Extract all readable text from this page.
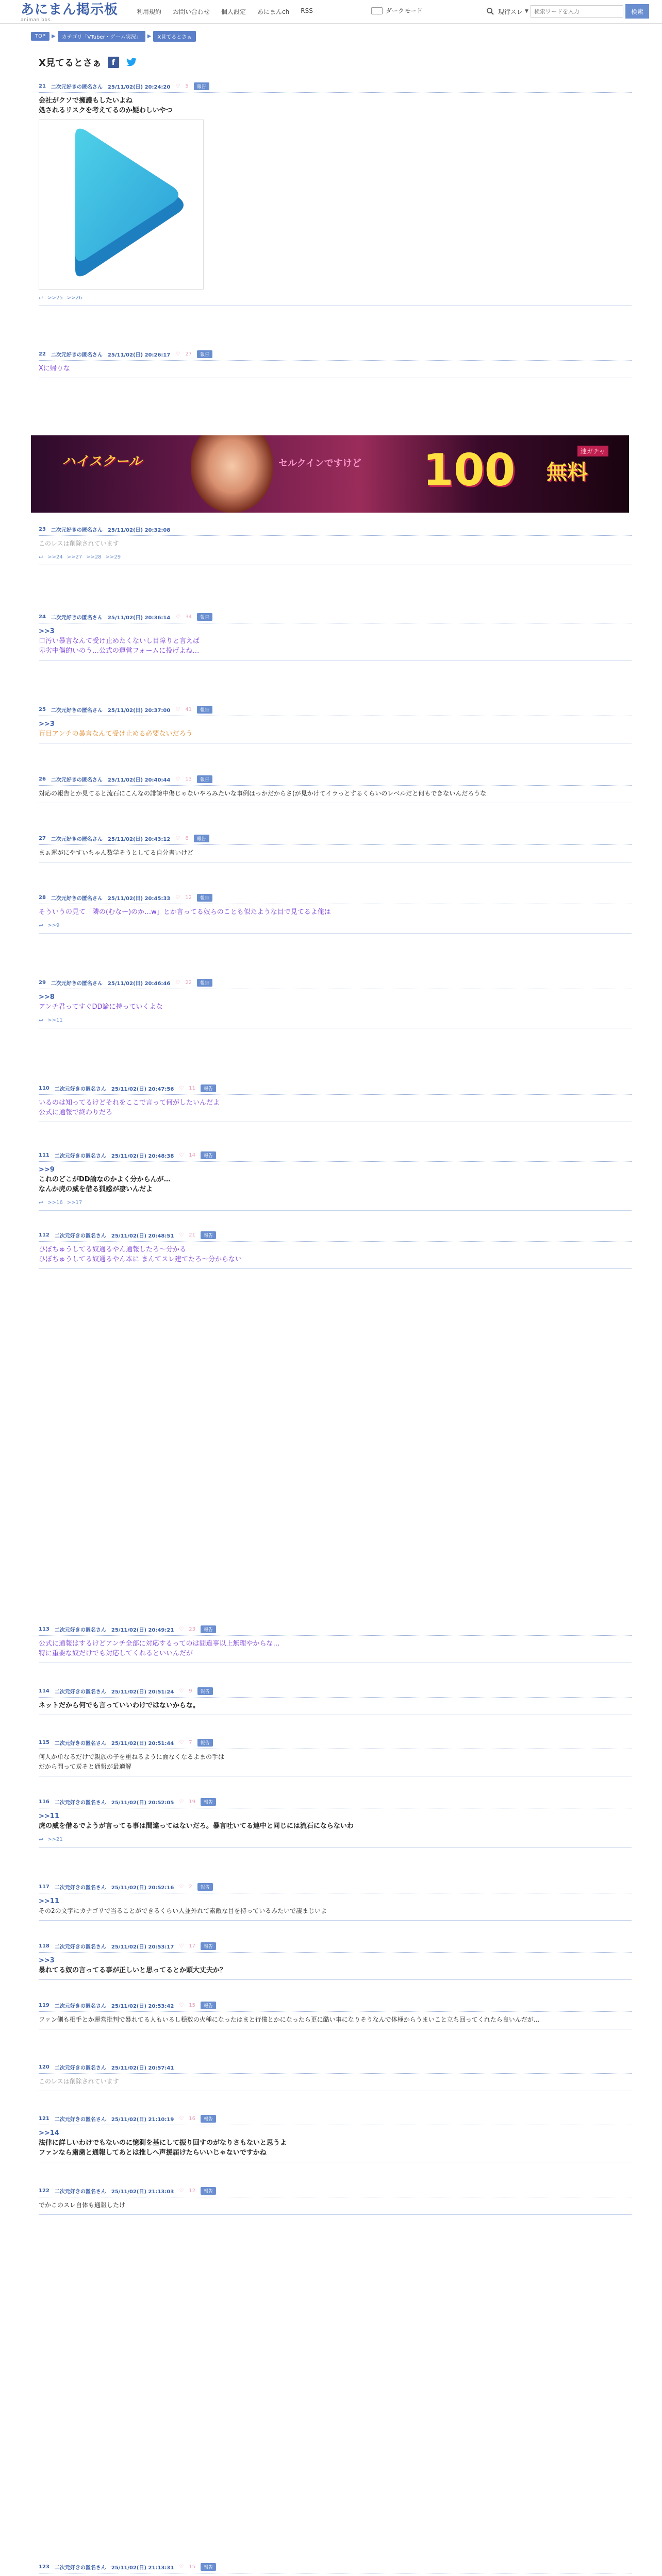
あにまん掲示板
animan bbs.
利用規約 お問い合わせ 個人設定 あにまんch RSS	ダークモード	現行スレ ▼
検索ワードを入力	検索
TOP	▶	カテゴリ「VTuber・ゲーム実況」	▶	X見てるとさぁ
X見てるとさぁ	f
21 二次元好きの匿名さん 25/11/02(日) 20:24:20 ♡ 5	報告
会社がクソで擁護もしたいよね
処されるリスクを考えてるのか疑わしいやつ
↩ >>25 >>26
22 二次元好きの匿名さん 25/11/02(日) 20:26:17 ♡ 27	報告
Xに帰りな
23 二次元好きの匿名さん 25/11/02(日) 20:32:08
このレスは削除されています
↩ >>24 >>27 >>28 >>29
24 二次元好きの匿名さん 25/11/02(日) 20:36:14 ♡ 34	報告
>>3
口汚い暴言なんて受け止めたくないし目障りと言えば
卑劣中傷的いのう…公式の運営フォームに投げよね…
25 二次元好きの匿名さん 25/11/02(日) 20:37:00 ♡ 41	報告
>>3
盲目アンチの暴言なんて受け止める必要ないだろう
26 二次元好きの匿名さん 25/11/02(日) 20:40:44 ♡ 13	報告
対応の報告とか見てると流石にこんなの誹謗中傷じゃないやろみたいな事例はっかだからさ(が見かけてイラっとするくらいのレベルだと何もできないんだろうな
27 二次元好きの匿名さん 25/11/02(日) 20:43:12 ♡ 8	報告
まぁ運がにやすいちゃん数学そうとしてる自分書いけど
28 二次元好きの匿名さん 25/11/02(日) 20:45:33 ♡ 12	報告
そういうの見て「隣の(むなー)のか…w」とか言ってる奴らのことも似たような目で見てるよ俺は
↩ >>9
29 二次元好きの匿名さん 25/11/02(日) 20:46:46 ♡ 22	報告
>>8
アンチ君ってすぐDD論に持っていくよな
↩ >>11
110 二次元好きの匿名さん 25/11/02(日) 20:47:56 ♡ 11	報告
いるのは知ってるけどそれをここで言って何がしたいんだよ
公式に通報で終わりだろ
111 二次元好きの匿名さん 25/11/02(日) 20:48:38 ♡ 14	報告
>>9
これのどこがDD論なのかよく分からんが…
なんか虎の威を借る狐感が凄いんだよ
↩ >>16 >>17
112 二次元好きの匿名さん 25/11/02(日) 20:48:51 ♡ 21	報告
ひぼちゅうしてる奴通るやん通報したろ〜分かる
ひぼちゅうしてる奴通るやん本に まんてスレ建てたろ〜分からない
113 二次元好きの匿名さん 25/11/02(日) 20:49:21 ♡ 23	報告
公式に通報はするけどアンチ全部に対応するってのは間違事以上無理やからな…
特に重要な奴だけでも対応してくれるといいんだが
114 二次元好きの匿名さん 25/11/02(日) 20:51:24 ♡ 9	報告
ネットだから何でも言っていいわけではないからな。
115 二次元好きの匿名さん 25/11/02(日) 20:51:44 ♡ 7	報告
何人か単なるだけで親族の子を重ねるように面なくなるよまの手は
だから問って炭そと通報が最適解
116 二次元好きの匿名さん 25/11/02(日) 20:52:05 ♡ 19	報告
>>11
虎の威を借るでようが言ってる事は間違ってはないだろ。暴言吐いてる連中と同じには流石にならないわ
↩ >>21
117 二次元好きの匿名さん 25/11/02(日) 20:52:16 ♡ 2	報告
>>11
その2の文字にカナゴリで当ることができるくらい人並外れて素敵な目を持っているみたいで凄まじいよ
118 二次元好きの匿名さん 25/11/02(日) 20:53:17 ♡ 17	報告
>>3
暴れてる奴の言ってる事が正しいと思ってるとか頭大丈夫か？
119 二次元好きの匿名さん 25/11/02(日) 20:53:42 ♡ 15	報告
ファン側も相手とか運営批判で暴れてる人もいるし穏数の火種になったはまと行儀とかになったら更に酷い事になりそうなんで体極からうまいこと立ち回ってくれたら良いんだが…
120 二次元好きの匿名さん 25/11/02(日) 20:57:41
このレスは削除されています
121 二次元好きの匿名さん 25/11/02(日) 21:10:19 ♡ 16	報告
>>14
法律に詳しいわけでもないのに憶測を基にして振り回すのがなりさもないと思うよ
ファンなら粛粛と通報してあとは推しへ声援届けたらいいじゃないですかね
122 二次元好きの匿名さん 25/11/02(日) 21:13:03 ♡ 12	報告
でかこのスレ自体も通報したけ
123 二次元好きの匿名さん 25/11/02(日) 21:13:31 ♡ 15	報告
ハイスクール	セルクインですけど
連ガチャ
100 無料
